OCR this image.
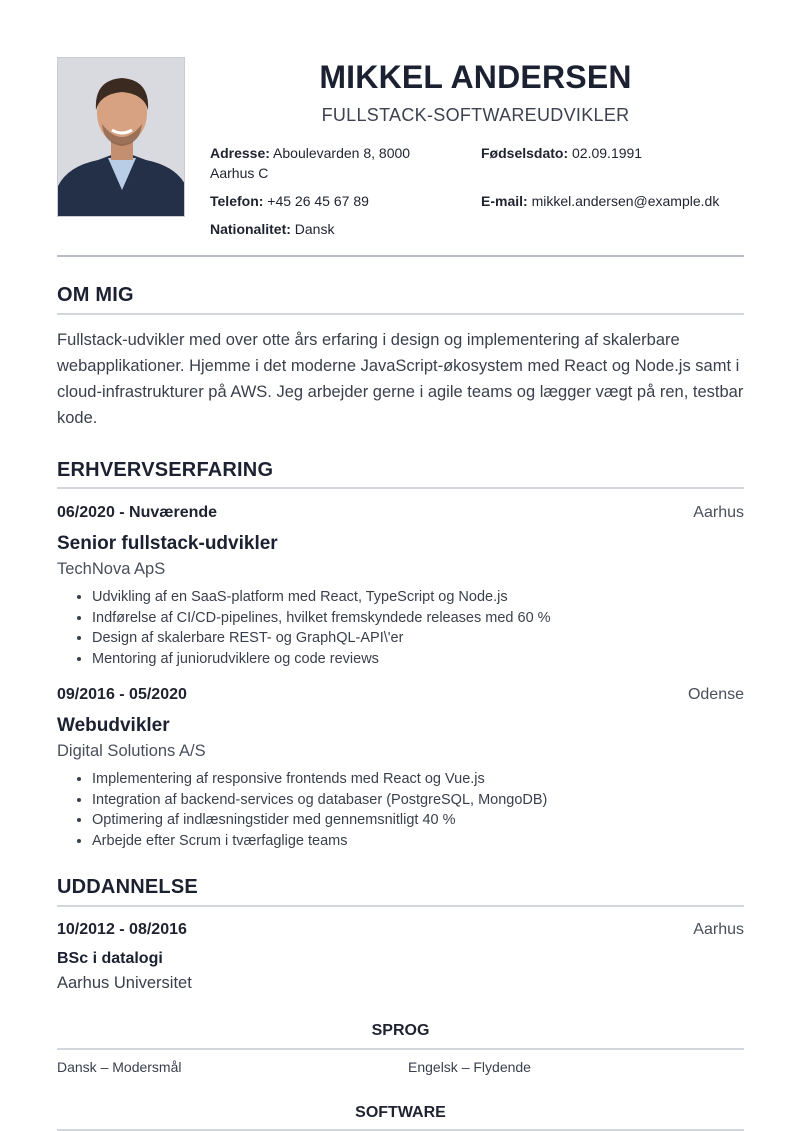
MIKKEL ANDERSEN
FULLSTACK-SOFTWAREUDVIKLER
Adresse: Aboulevarden 8, 8000 Aarhus C
Fødselsdato: 02.09.1991
Telefon: +45 26 45 67 89	E-mail: mikkel.andersen@example.dk
Nationalitet: Dansk
OM MIG
Fullstack-udvikler med over otte års erfaring i design og implementering af skalerbare webapplikationer. Hjemme i det moderne JavaScript-økosystem med React og Node.js samt i cloud-infrastrukturer på AWS. Jeg arbejder gerne i agile teams og lægger vægt på ren, testbar kode.
ERHVERVSERFARING
06/2020 - Nuværende	Aarhus
Senior fullstack-udvikler
TechNova ApS
• Udvikling af en SaaS-platform med React, TypeScript og Node.js
• Indførelse af CI/CD-pipelines, hvilket fremskyndede releases med 60 %
• Design af skalerbare REST- og GraphQL-API\'er
• Mentoring af juniorudviklere og code reviews
09/2016 - 05/2020	Odense
Webudvikler
Digital Solutions A/S
• Implementering af responsive frontends med React og Vue.js
• Integration af backend-services og databaser (PostgreSQL, MongoDB)
• Optimering af indlæsningstider med gennemsnitligt 40 %
• Arbejde efter Scrum i tværfaglige teams
UDDANNELSE
10/2012 - 08/2016	Aarhus
BSc i datalogi
Aarhus Universitet
SPROG
Dansk – Modersmål	Engelsk – Flydende
SOFTWARE
